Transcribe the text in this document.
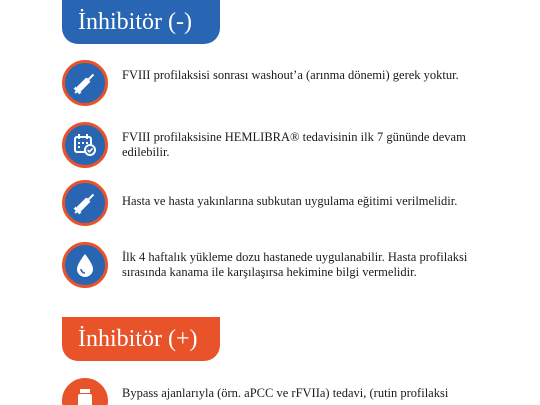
İnhibitör (-)
FVIII profilaksisi sonrası washout’a (arınma dönemi) gerek yoktur.
FVIII profilaksisine HEMLIBRA® tedavisinin ilk 7 gününde devam edilebilir.
Hasta ve hasta yakınlarına subkutan uygulama eğitimi verilmelidir.
İlk 4 haftalık yükleme dozu hastanede uygulanabilir. Hasta profilaksi sırasında kanama ile karşılaşırsa hekimine bilgi vermelidir.
İnhibitör (+)
Bypass ajanlarıyla (örn. aPCC ve rFVIIa) tedavi, (rutin profilaksi
